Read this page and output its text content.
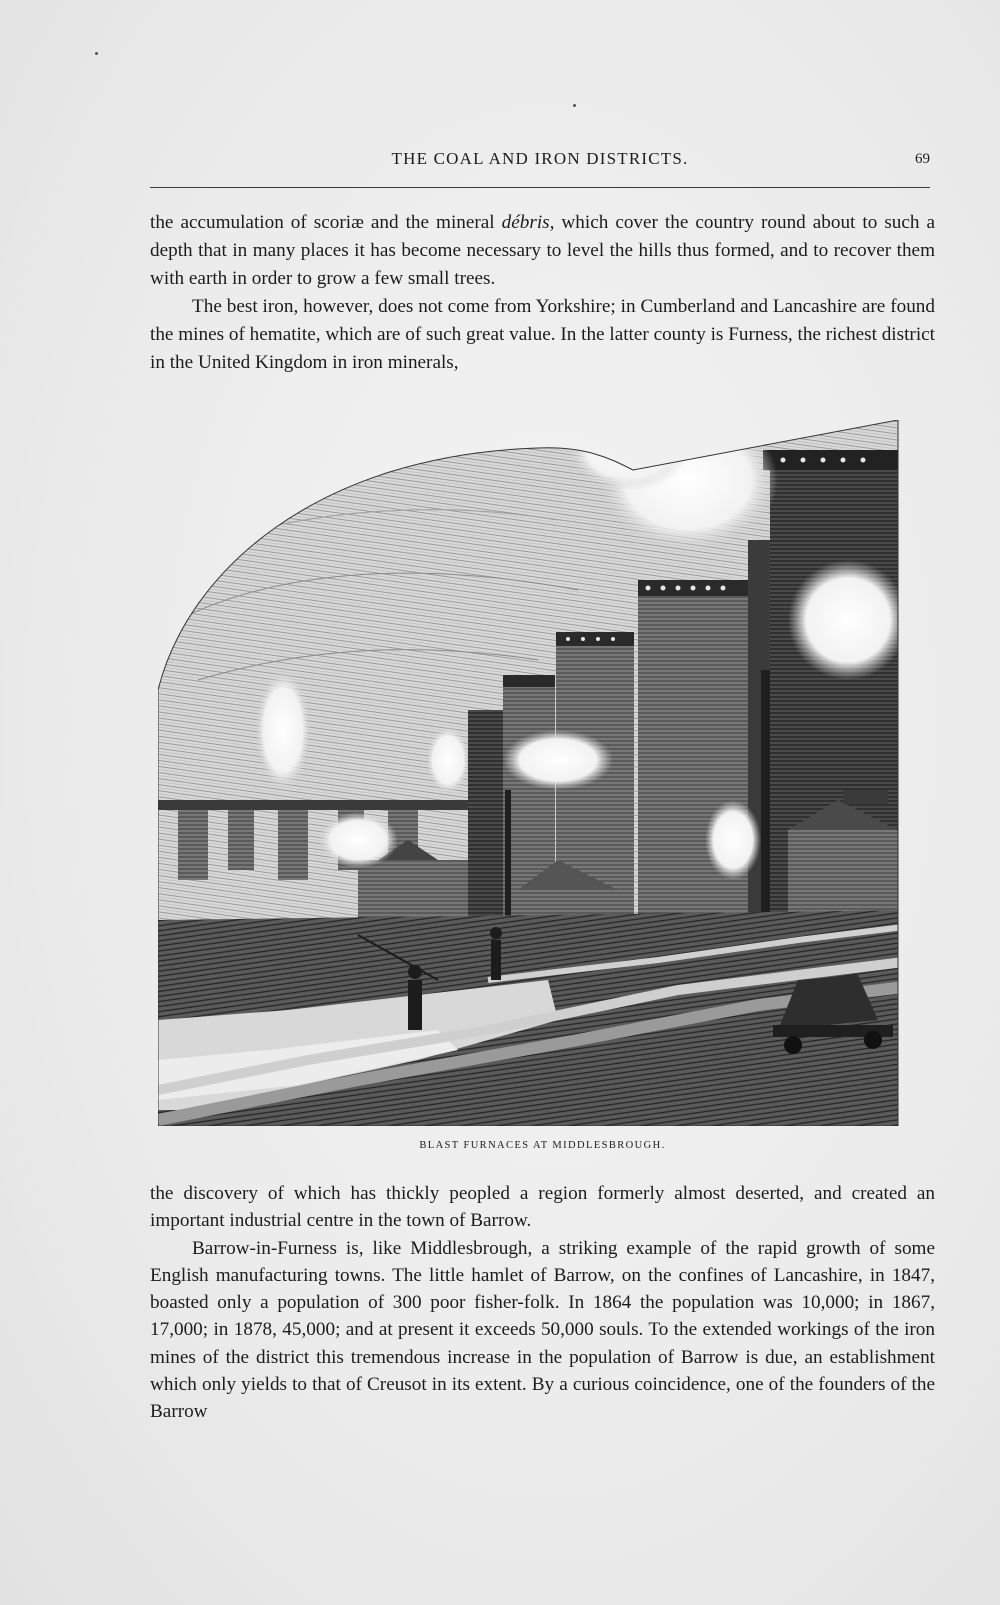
THE COAL AND IRON DISTRICTS.	69

the accumulation of scoriæ and the mineral débris, which cover the country round about to such a depth that in many places it has become necessary to level the hills thus formed, and to recover them with earth in order to grow a few small trees.

The best iron, however, does not come from Yorkshire; in Cumberland and Lancashire are found the mines of hematite, which are of such great value. In the latter county is Furness, the richest district in the United Kingdom in iron minerals,

BLAST FURNACES AT MIDDLESBROUGH.

the discovery of which has thickly peopled a region formerly almost deserted, and created an important industrial centre in the town of Barrow.

Barrow-in-Furness is, like Middlesbrough, a striking example of the rapid growth of some English manufacturing towns. The little hamlet of Barrow, on the confines of Lancashire, in 1847, boasted only a population of 300 poor fisher-folk. In 1864 the population was 10,000; in 1867, 17,000; in 1878, 45,000; and at present it exceeds 50,000 souls. To the extended workings of the iron mines of the district this tremendous increase in the population of Barrow is due, an establishment which only yields to that of Creusot in its extent. By a curious coincidence, one of the founders of the Barrow
